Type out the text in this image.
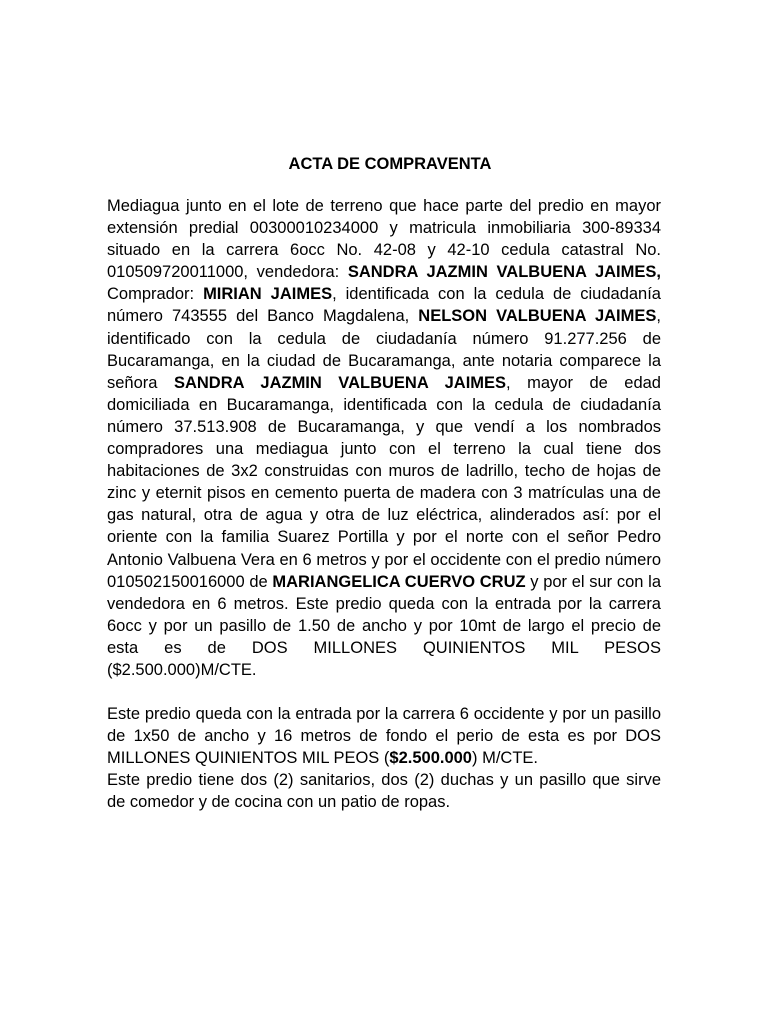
ACTA DE COMPRAVENTA

Mediagua junto en el lote de terreno que hace parte del predio en mayor extensión predial 00300010234000 y matricula inmobiliaria 300-89334 situado en la carrera 6occ No. 42-08 y 42-10 cedula catastral No. 010509720011000, vendedora: SANDRA JAZMIN VALBUENA JAIMES, Comprador: MIRIAN JAIMES, identificada con la cedula de ciudadanía número 743555 del Banco Magdalena, NELSON VALBUENA JAIMES, identificado con la cedula de ciudadanía número 91.277.256 de Bucaramanga, en la ciudad de Bucaramanga, ante notaria comparece la señora SANDRA JAZMIN VALBUENA JAIMES, mayor de edad domiciliada en Bucaramanga, identificada con la cedula de ciudadanía número 37.513.908 de Bucaramanga, y que vendí a los nombrados compradores una mediagua junto con el terreno la cual tiene dos habitaciones de 3x2 construidas con muros de ladrillo, techo de hojas de zinc y eternit pisos en cemento puerta de madera con 3 matrículas una de gas natural, otra de agua y otra de luz eléctrica, alinderados así: por el oriente con la familia Suarez Portilla y por el norte con el señor Pedro Antonio Valbuena Vera en 6 metros y por el occidente con el predio número 010502150016000 de MARIANGELICA CUERVO CRUZ y por el sur con la vendedora en 6 metros. Este predio queda con la entrada por la carrera 6occ y por un pasillo de 1.50 de ancho y por 10mt de largo el precio de esta es de DOS MILLONES QUINIENTOS MIL PESOS ($2.500.000)M/CTE.

Este predio queda con la entrada por la carrera 6 occidente y por un pasillo de 1x50 de ancho y 16 metros de fondo el perio de esta es por DOS MILLONES QUINIENTOS MIL PEOS ($2.500.000) M/CTE.

Este predio tiene dos (2) sanitarios, dos (2) duchas y un pasillo que sirve de comedor y de cocina con un patio de ropas.
